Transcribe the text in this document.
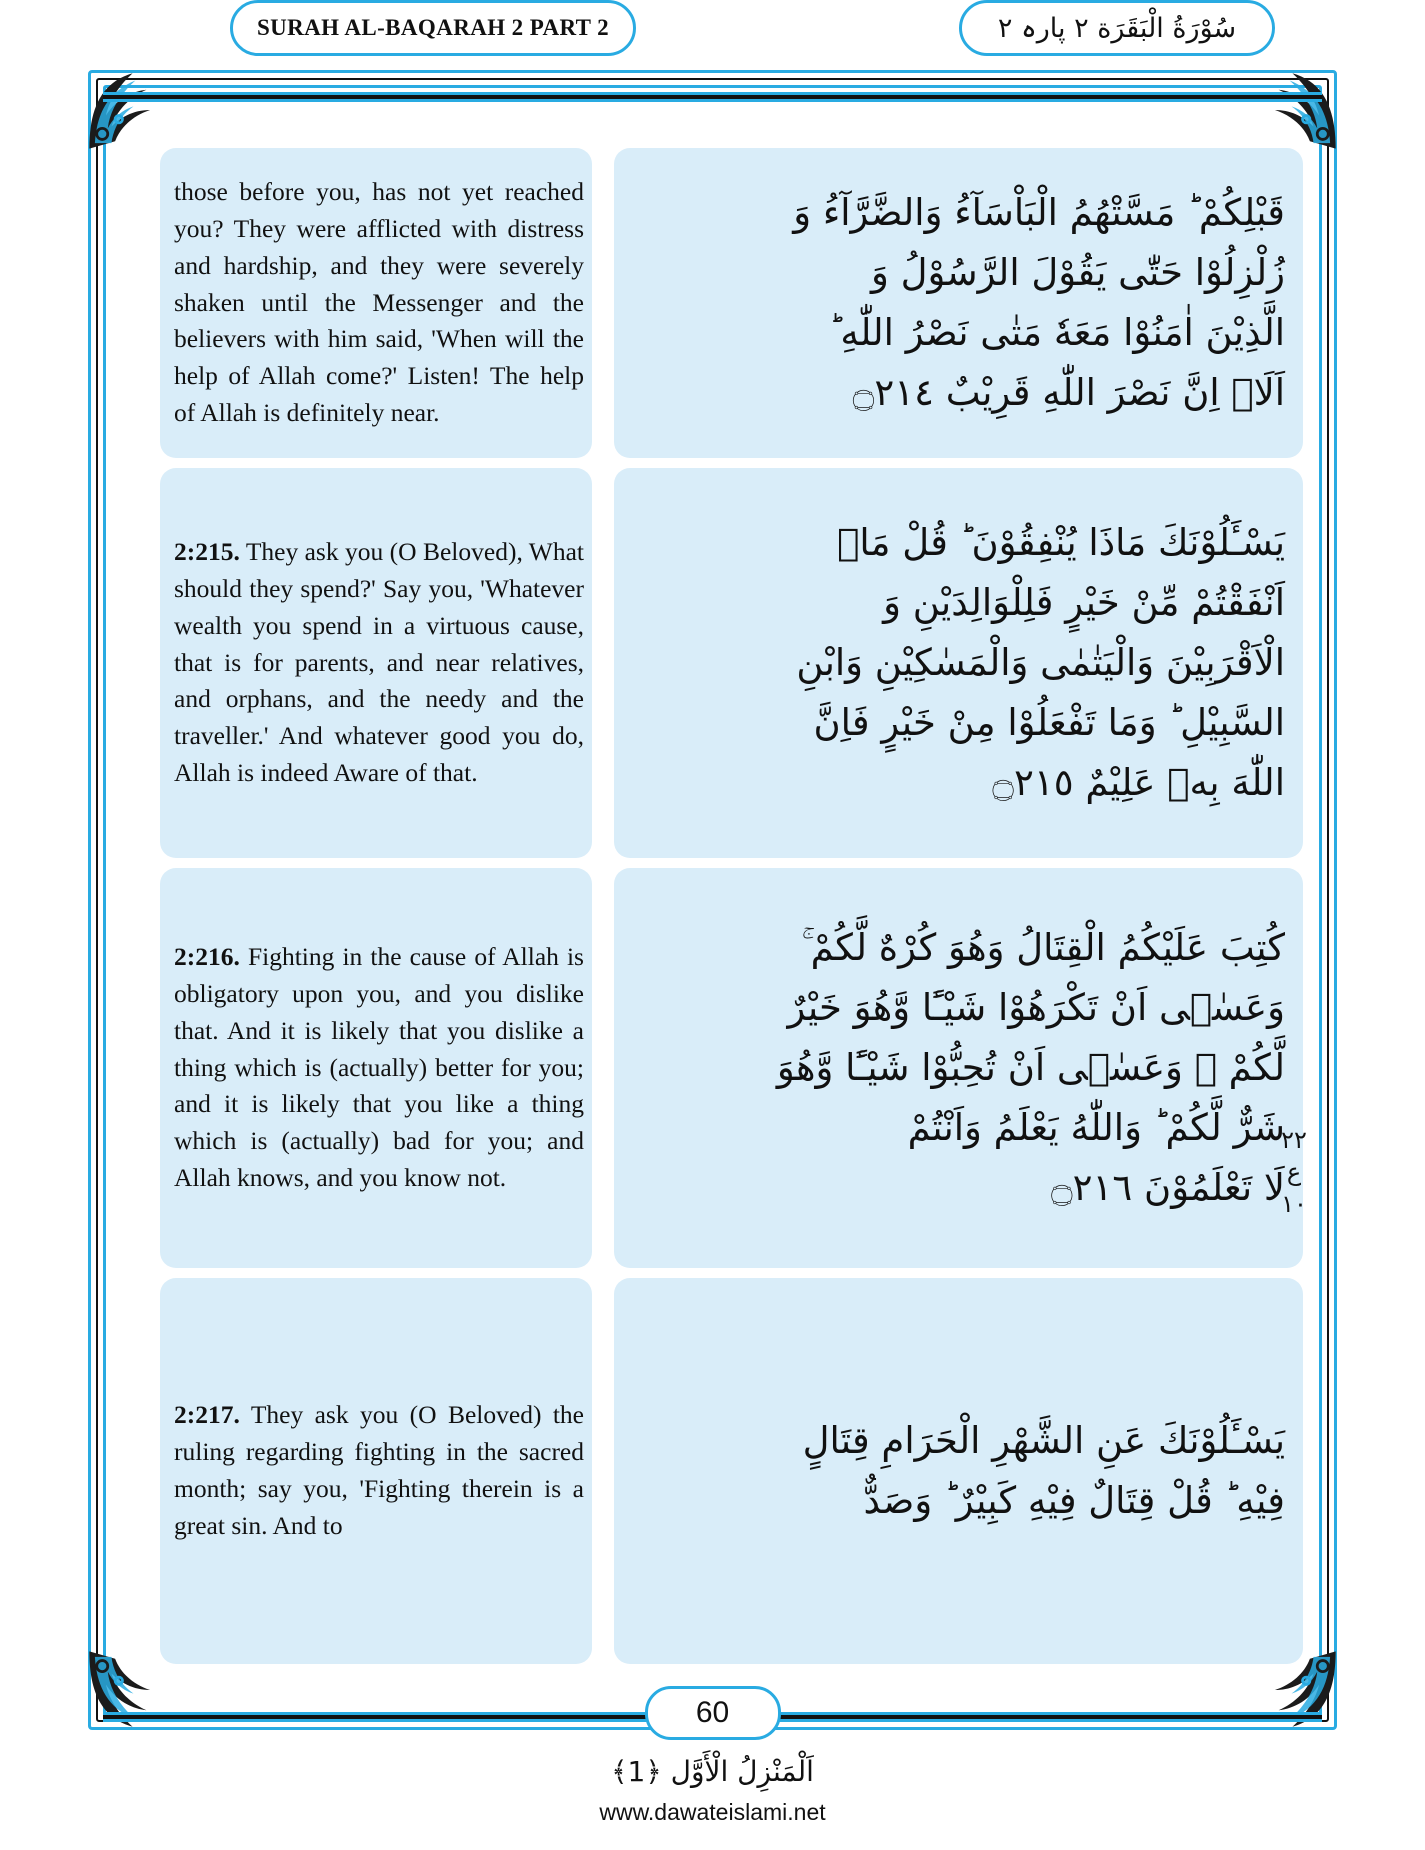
SURAH AL-BAQARAH 2 PART 2	سُوْرَةُ الْبَقَرَة ٢ پارہ ٢

those before you, has not yet reached you? They were afflicted with distress and hardship, and they were severely shaken until the Messenger and the believers with him said, 'When will the help of Allah come?' Listen! The help of Allah is definitely near.

قَبْلِكُمْ ؕ مَسَّتْهُمُ الْبَاْسَآءُ وَالضَّرَّآءُ وَ

زُلْزِلُوْا حَتّٰى يَقُوْلَ الرَّسُوْلُ وَ

الَّذِيْنَ اٰمَنُوْا مَعَهٗ مَتٰى نَصْرُ اللّٰهِ ؕ

اَلَاۤ اِنَّ نَصْرَ اللّٰهِ قَرِيْبٌ ۝٢١٤

2:215. They ask you (O Beloved), What should they spend?' Say you, 'Whatever wealth you spend in a virtuous cause, that is for parents, and near relatives, and orphans, and the needy and the traveller.' And whatever good you do, Allah is indeed Aware of that.

يَسْـَٔلُوْنَكَ مَاذَا يُنْفِقُوْنَ ؕ قُلْ مَاۤ

اَنْفَقْتُمْ مِّنْ خَيْرٍ فَلِلْوَالِدَيْنِ وَ

الْاَقْرَبِيْنَ وَالْيَتٰمٰى وَالْمَسٰكِيْنِ وَابْنِ

السَّبِيْلِ ؕ وَمَا تَفْعَلُوْا مِنْ خَيْرٍ فَاِنَّ

اللّٰهَ بِهٖ عَلِيْمٌ ۝٢١٥

2:216. Fighting in the cause of Allah is obligatory upon you, and you dislike that. And it is likely that you dislike a thing which is (actually) better for you; and it is likely that you like a thing which is (actually) bad for you; and Allah knows, and you know not.

كُتِبَ عَلَيْكُمُ الْقِتَالُ وَهُوَ كُرْهٌ لَّكُمْ ۚ

وَعَسٰۤى اَنْ تَكْرَهُوْا شَيْـًٔا وَّهُوَ خَيْرٌ

لَّكُمْ ۚ وَعَسٰۤى اَنْ تُحِبُّوْا شَيْـًٔا وَّهُوَ

شَرٌّ لَّكُمْ ؕ وَاللّٰهُ يَعْلَمُ وَاَنْتُمْ

لَا تَعْلَمُوْنَ ۝٢١٦

2:217. They ask you (O Beloved) the ruling regarding fighting in the sacred month; say you, 'Fighting therein is a great sin. And to

يَسْـَٔلُوْنَكَ عَنِ الشَّهْرِ الْحَرَامِ قِتَالٍ

فِيْهِ ؕ قُلْ قِتَالٌ فِيْهِ كَبِيْرٌ ؕ وَصَدٌّ

٢٢
ع
١٠
60
اَلْمَنْزِلُ الْأَوَّل ﴿1﴾
www.dawateislami.net
